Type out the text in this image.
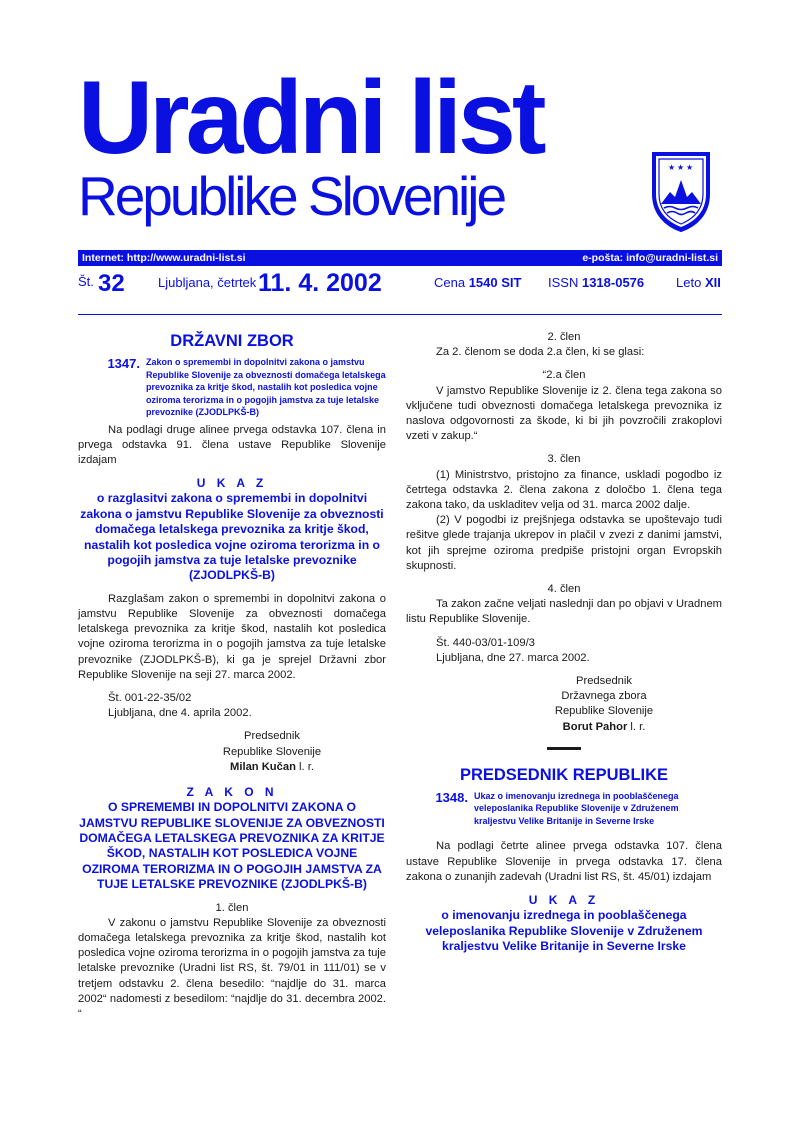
Uradni list
Republike Slovenije	★ ★ ★
Internet: http://www.uradni-list.si	e-pošta: info@uradni-list.si
Št. 32	Ljubljana, četrtek 11. 4. 2002	Cena 1540 SIT ISSN 1318-0576 Leto XII
DRŽAVNI ZBOR
1347. Zakon o spremembi in dopolnitvi zakona o jamstvu Republike Slovenije za obveznosti domačega letalskega prevoznika za kritje škod, nastalih kot posledica vojne oziroma terorizma in o pogojih jamstva za tuje letalske prevoznike (ZJODLPKŠ-B)

Na podlagi druge alinee prvega odstavka 107. člena in prvega odstavka 91. člena ustave Republike Slovenije izdajam

U K A Z
o razglasitvi zakona o spremembi in dopolnitvi zakona o jamstvu Republike Slovenije za obveznosti domačega letalskega prevoznika za kritje škod, nastalih kot posledica vojne oziroma terorizma in o pogojih jamstva za tuje letalske prevoznike (ZJODLPKŠ-B)

Razglašam zakon o spremembi in dopolnitvi zakona o jamstvu Republike Slovenije za obveznosti domačega letalskega prevoznika za kritje škod, nastalih kot posledica vojne oziroma terorizma in o pogojih jamstva za tuje letalske prevoznike (ZJODLPKŠ-B), ki ga je sprejel Državni zbor Republike Slovenije na seji 27. marca 2002.

Št. 001-22-35/02

Ljubljana, dne 4. aprila 2002.

Predsednik
Republike Slovenije
Milan Kučan l. r.
Z A K O N
O SPREMEMBI IN DOPOLNITVI ZAKONA O JAMSTVU REPUBLIKE SLOVENIJE ZA OBVEZNOSTI DOMAČEGA LETALSKEGA PREVOZNIKA ZA KRITJE ŠKOD, NASTALIH KOT POSLEDICA VOJNE OZIROMA TERORIZMA IN O POGOJIH JAMSTVA ZA TUJE LETALSKE PREVOZNIKE (ZJODLPKŠ-B)
1. člen

V zakonu o jamstvu Republike Slovenije za obveznosti domačega letalskega prevoznika za kritje škod, nastalih kot posledica vojne oziroma terorizma in o pogojih jamstva za tuje letalske prevoznike (Uradni list RS, št. 79/01 in 111/01) se v tretjem odstavku 2. člena besedilo: “najdlje do 31. marca 2002“ nadomesti z besedilom: “najdlje do 31. decembra 2002. “

2. člen

Za 2. členom se doda 2.a člen, ki se glasi:

“2.a člen

V jamstvo Republike Slovenije iz 2. člena tega zakona so vključene tudi obveznosti domačega letalskega prevoznika iz naslova odgovornosti za škode, ki bi jih povzročili zrakoplovi vzeti v zakup.“

3. člen

(1) Ministrstvo, pristojno za finance, uskladi pogodbo iz četrtega odstavka 2. člena zakona z določbo 1. člena tega zakona tako, da uskladitev velja od 31. marca 2002 dalje.

(2) V pogodbi iz prejšnjega odstavka se upoštevajo tudi rešitve glede trajanja ukrepov in plačil v zvezi z danimi jamstvi, kot jih sprejme oziroma predpiše pristojni organ Evropskih skupnosti.

4. člen

Ta zakon začne veljati naslednji dan po objavi v Uradnem listu Republike Slovenije.

Št. 440-03/01-109/3

Ljubljana, dne 27. marca 2002.

Predsednik
Državnega zbora
Republike Slovenije
Borut Pahor l. r.
PREDSEDNIK REPUBLIKE
1348. Ukaz o imenovanju izrednega in pooblaščenega veleposlanika Republike Slovenije v Združenem kraljestvu Velike Britanije in Severne Irske

Na podlagi četrte alinee prvega odstavka 107. člena ustave Republike Slovenije in prvega odstavka 17. člena zakona o zunanjih zadevah (Uradni list RS, št. 45/01) izdajam

U K A Z
o imenovanju izrednega in pooblaščenega veleposlanika Republike Slovenije v Združenem kraljestvu Velike Britanije in Severne Irske
